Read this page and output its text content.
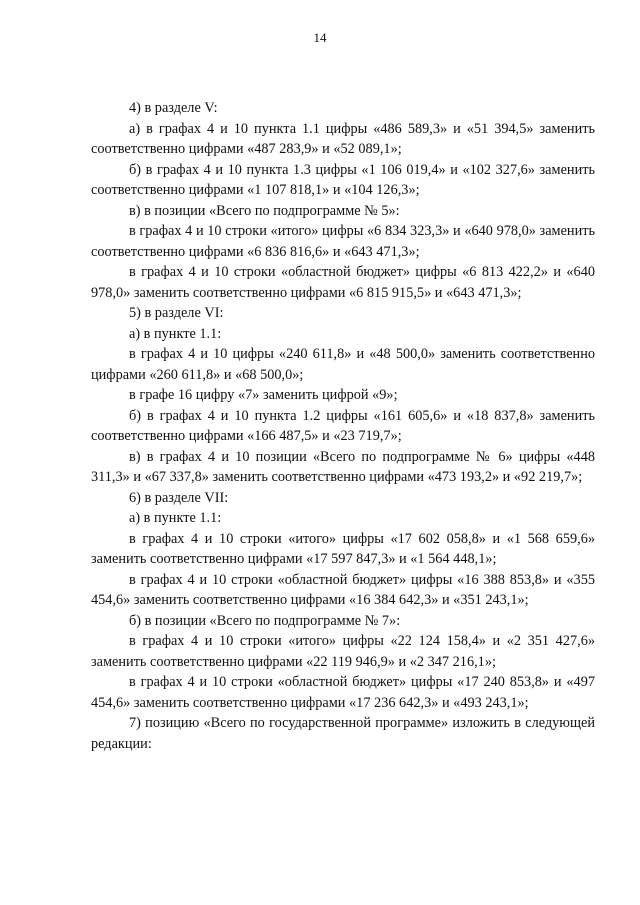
14

4) в разделе V:

а) в графах 4 и 10 пункта 1.1 цифры «486 589,3» и «51 394,5» заменить соответственно цифрами «487 283,9» и «52 089,1»;

б) в графах 4 и 10 пункта 1.3 цифры «1 106 019,4» и «102 327,6» заменить соответственно цифрами «1 107 818,1» и «104 126,3»;

в) в позиции «Всего по подпрограмме № 5»:

в графах 4 и 10 строки «итого» цифры «6 834 323,3» и «640 978,0» заменить соответственно цифрами «6 836 816,6» и «643 471,3»;

в графах 4 и 10 строки «областной бюджет» цифры «6 813 422,2» и «640 978,0» заменить соответственно цифрами «6 815 915,5» и «643 471,3»;

5) в разделе VI:

а) в пункте 1.1:

в графах 4 и 10 цифры «240 611,8» и «48 500,0» заменить соответственно цифрами «260 611,8» и «68 500,0»;

в графе 16 цифру «7» заменить цифрой «9»;

б) в графах 4 и 10 пункта 1.2 цифры «161 605,6» и «18 837,8» заменить соответственно цифрами «166 487,5» и «23 719,7»;

в) в графах 4 и 10 позиции «Всего по подпрограмме № 6» цифры «448 311,3» и «67 337,8» заменить соответственно цифрами «473 193,2» и «92 219,7»;

6) в разделе VII:

а) в пункте 1.1:

в графах 4 и 10 строки «итого» цифры «17 602 058,8» и «1 568 659,6» заменить соответственно цифрами «17 597 847,3» и «1 564 448,1»;

в графах 4 и 10 строки «областной бюджет» цифры «16 388 853,8» и «355 454,6» заменить соответственно цифрами «16 384 642,3» и «351 243,1»;

б) в позиции «Всего по подпрограмме № 7»:

в графах 4 и 10 строки «итого» цифры «22 124 158,4» и «2 351 427,6» заменить соответственно цифрами «22 119 946,9» и «2 347 216,1»;

в графах 4 и 10 строки «областной бюджет» цифры «17 240 853,8» и «497 454,6» заменить соответственно цифрами «17 236 642,3» и «493 243,1»;

7) позицию «Всего по государственной программе» изложить в следующей редакции:
